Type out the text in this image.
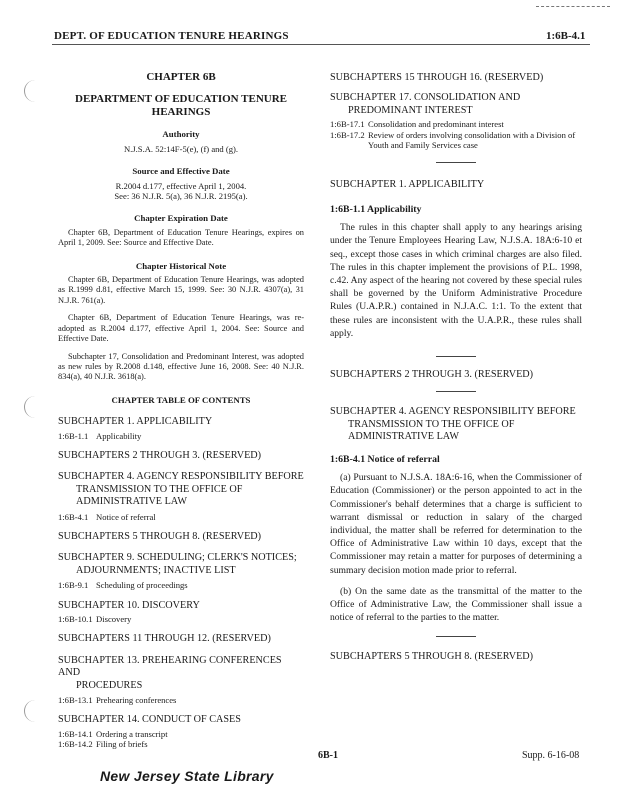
DEPT. OF EDUCATION TENURE HEARINGS	1:6B-4.1
CHAPTER 6B
DEPARTMENT OF EDUCATION TENURE
HEARINGS
Authority
N.J.S.A. 52:14F-5(e), (f) and (g).
Source and Effective Date
R.2004 d.177, effective April 1, 2004.
See: 36 N.J.R. 5(a), 36 N.J.R. 2195(a).
Chapter Expiration Date

Chapter 6B, Department of Education Tenure Hearings, expires on April 1, 2009. See: Source and Effective Date.

Chapter Historical Note

Chapter 6B, Department of Education Tenure Hearings, was adopted as R.1999 d.81, effective March 15, 1999. See: 30 N.J.R. 4307(a), 31 N.J.R. 761(a).

Chapter 6B, Department of Education Tenure Hearings, was re-adopted as R.2004 d.177, effective April 1, 2004. See: Source and Effective Date.

Subchapter 17, Consolidation and Predominant Interest, was adopted as new rules by R.2008 d.148, effective June 16, 2008. See: 40 N.J.R. 834(a), 40 N.J.R. 3618(a).

CHAPTER TABLE OF CONTENTS
SUBCHAPTER 1. APPLICABILITY
1:6B-1.1 Applicability
SUBCHAPTERS 2 THROUGH 3. (RESERVED)
SUBCHAPTER 4. AGENCY RESPONSIBILITY BEFORE
TRANSMISSION TO THE OFFICE OF
ADMINISTRATIVE LAW
1:6B-4.1 Notice of referral
SUBCHAPTERS 5 THROUGH 8. (RESERVED)
SUBCHAPTER 9. SCHEDULING; CLERK'S NOTICES;
ADJOURNMENTS; INACTIVE LIST
1:6B-9.1 Scheduling of proceedings
SUBCHAPTER 10. DISCOVERY
1:6B-10.1 Discovery
SUBCHAPTERS 11 THROUGH 12. (RESERVED)
SUBCHAPTER 13. PREHEARING CONFERENCES AND
PROCEDURES
1:6B-13.1 Prehearing conferences
SUBCHAPTER 14. CONDUCT OF CASES
1:6B-14.1 Ordering a transcript
1:6B-14.2 Filing of briefs
SUBCHAPTERS 15 THROUGH 16. (RESERVED)
SUBCHAPTER 17. CONSOLIDATION AND
PREDOMINANT INTEREST
1:6B-17.1 Consolidation and predominant interest
1:6B-17.2 Review of orders involving consolidation with a Division of Youth and Family Services case
SUBCHAPTER 1. APPLICABILITY
1:6B-1.1 Applicability

The rules in this chapter shall apply to any hearings arising under the Tenure Employees Hearing Law, N.J.S.A. 18A:6-10 et seq., except those cases in which criminal charges are also filed. The rules in this chapter implement the provisions of P.L. 1998, c.42. Any aspect of the hearing not covered by these special rules shall be governed by the Uniform Administrative Procedure Rules (U.A.P.R.) contained in N.J.A.C. 1:1. To the extent that these rules are inconsistent with the U.A.P.R., these rules shall apply.

SUBCHAPTERS 2 THROUGH 3. (RESERVED)
SUBCHAPTER 4. AGENCY RESPONSIBILITY BEFORE
TRANSMISSION TO THE OFFICE OF
ADMINISTRATIVE LAW
1:6B-4.1 Notice of referral

(a) Pursuant to N.J.S.A. 18A:6-16, when the Commissioner of Education (Commissioner) or the person appointed to act in the Commissioner's behalf determines that a charge is sufficient to warrant dismissal or reduction in salary of the charged individual, the matter shall be referred for determination to the Office of Administrative Law within 10 days, except that the Commissioner may retain a matter for purposes of determining a summary decision motion made prior to referral.

(b) On the same date as the transmittal of the matter to the Office of Administrative Law, the Commissioner shall issue a notice of referral to the parties to the matter.

SUBCHAPTERS 5 THROUGH 8. (RESERVED)
6B-1	Supp. 6-16-08
New Jersey State Library
